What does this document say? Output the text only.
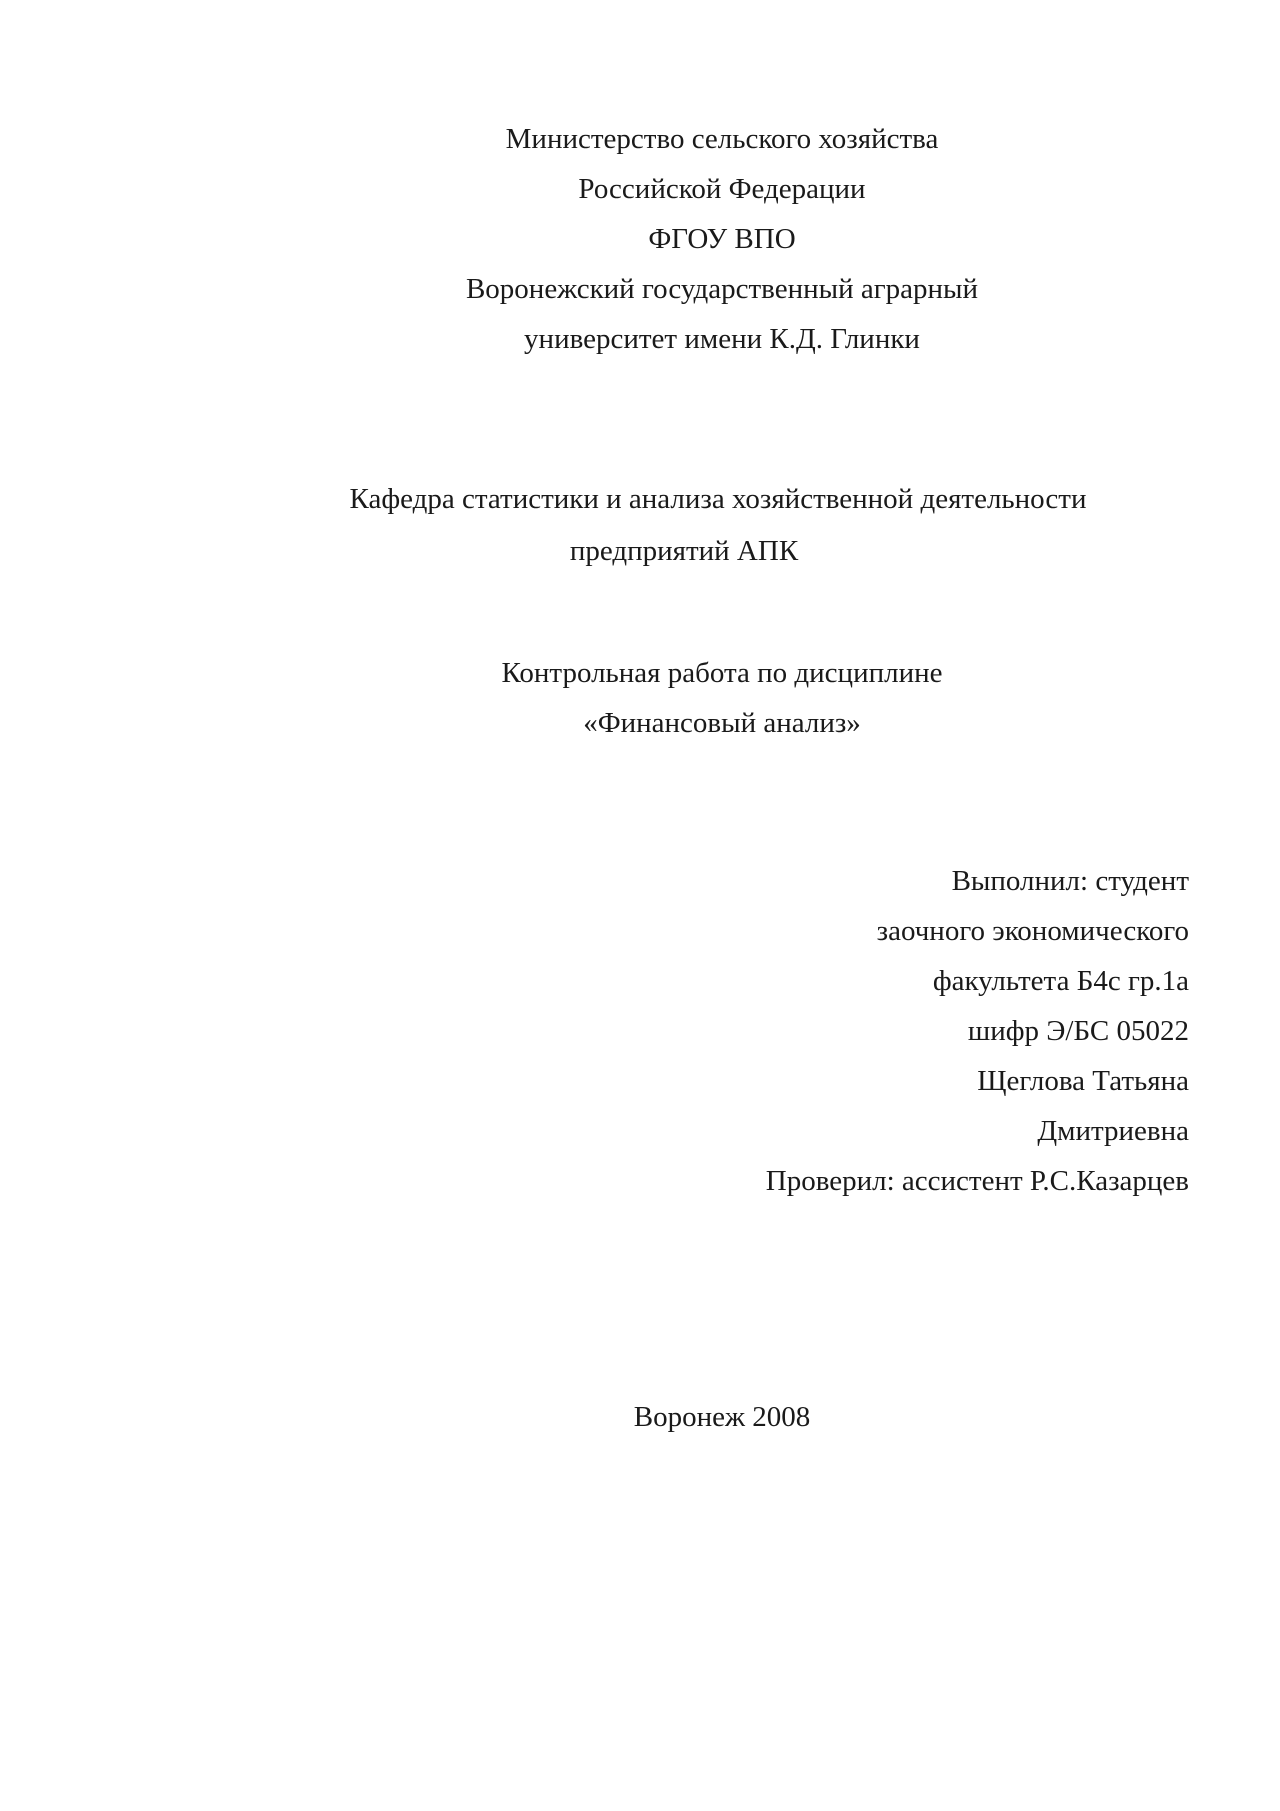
Министерство сельского хозяйства
Российской Федерации
ФГОУ ВПО
Воронежский государственный аграрный
университет имени К.Д. Глинки
Кафедра статистики и анализа хозяйственной деятельности
предприятий АПК
Контрольная работа по дисциплине
«Финансовый анализ»
Выполнил: студент
заочного экономического
факультета Б4с гр.1а
шифр Э/БС 05022
Щеглова Татьяна
Дмитриевна
Проверил: ассистент Р.С.Казарцев
Воронеж 2008
